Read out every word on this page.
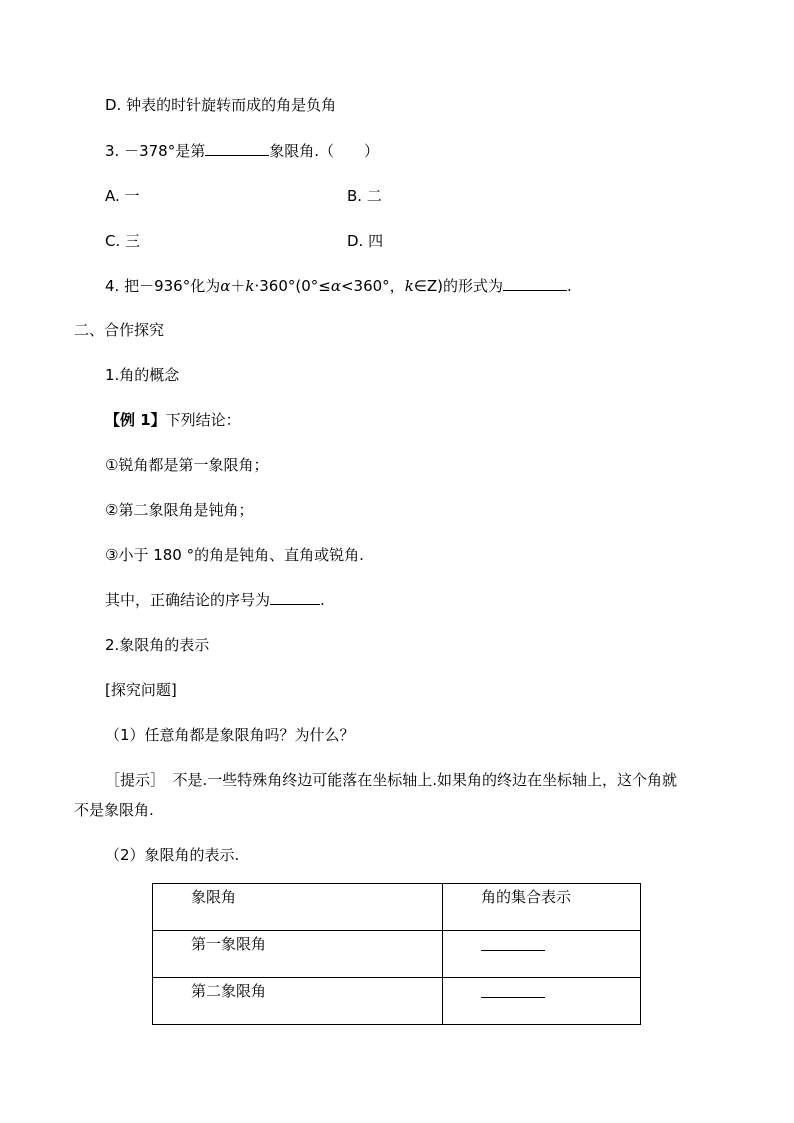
D. 钟表的时针旋转而成的角是负角
3. －378°是第	象限角.（　　）
A. 一	B. 二
C. 三	D. 四
4. 把－936°化为α＋k·360°(0°≤α<360°，k∈Z)的形式为	.
二、合作探究
1.角的概念
【例 1】下列结论：
①锐角都是第一象限角；
②第二象限角是钝角；
③小于 180 °的角是钝角、直角或锐角.
其中，正确结论的序号为	.
2.象限角的表示
[探究问题]
（1）任意角都是象限角吗？为什么？
［提示］　不是.一些特殊角终边可能落在坐标轴上.如果角的终边在坐标轴上，这个角就
不是象限角.
（2）象限角的表示.
象限角	角的集合表示
第一象限角	
第二象限角	
